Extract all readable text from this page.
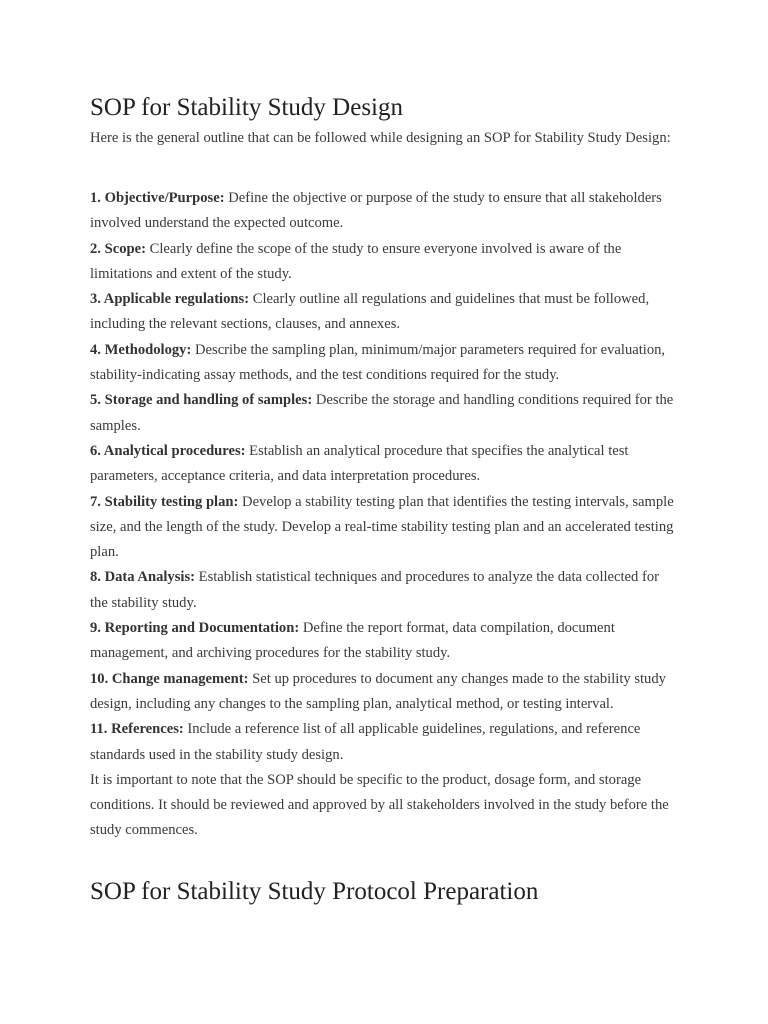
SOP for Stability Study Design

Here is the general outline that can be followed while designing an SOP for Stability Study Design:

1. Objective/Purpose: Define the objective or purpose of the study to ensure that all stakeholders involved understand the expected outcome.

2. Scope: Clearly define the scope of the study to ensure everyone involved is aware of the limitations and extent of the study.

3. Applicable regulations: Clearly outline all regulations and guidelines that must be followed, including the relevant sections, clauses, and annexes.

4. Methodology: Describe the sampling plan, minimum/major parameters required for evaluation, stability-indicating assay methods, and the test conditions required for the study.

5. Storage and handling of samples: Describe the storage and handling conditions required for the samples.

6. Analytical procedures: Establish an analytical procedure that specifies the analytical test parameters, acceptance criteria, and data interpretation procedures.

7. Stability testing plan: Develop a stability testing plan that identifies the testing intervals, sample size, and the length of the study. Develop a real-time stability testing plan and an accelerated testing plan.

8. Data Analysis: Establish statistical techniques and procedures to analyze the data collected for the stability study.

9. Reporting and Documentation: Define the report format, data compilation, document management, and archiving procedures for the stability study.

10. Change management: Set up procedures to document any changes made to the stability study design, including any changes to the sampling plan, analytical method, or testing interval.

11. References: Include a reference list of all applicable guidelines, regulations, and reference standards used in the stability study design.

It is important to note that the SOP should be specific to the product, dosage form, and storage conditions. It should be reviewed and approved by all stakeholders involved in the study before the study commences.

SOP for Stability Study Protocol Preparation
